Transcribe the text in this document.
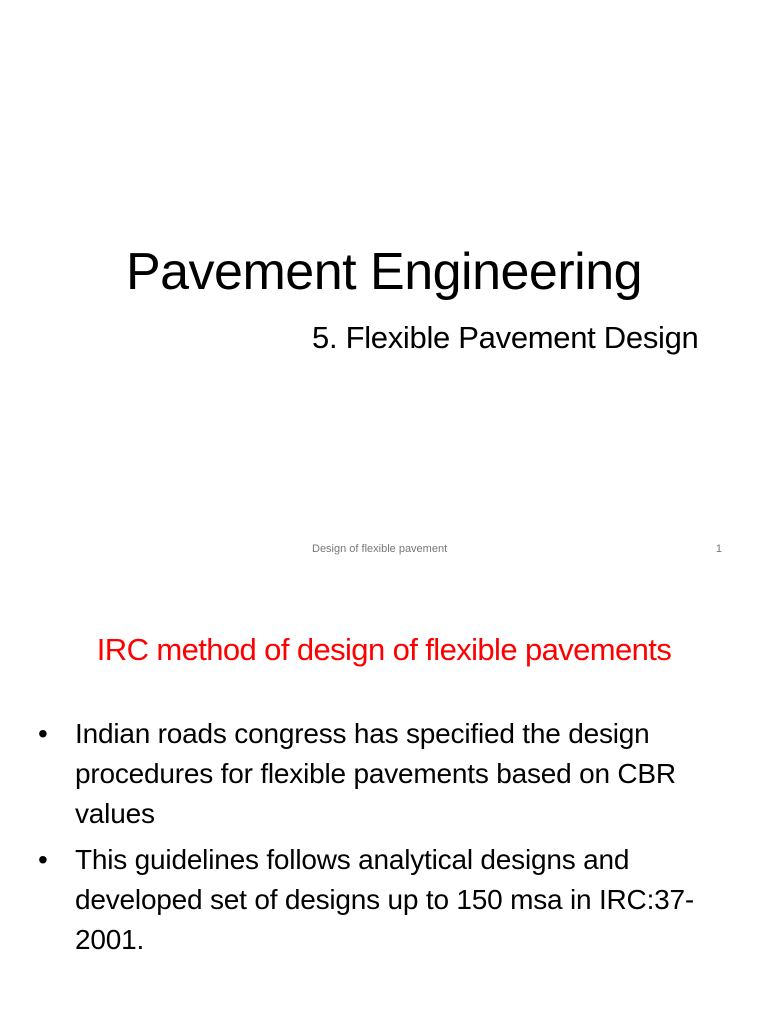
Pavement Engineering
5. Flexible Pavement Design
Design of flexible pavement	1
IRC method of design of flexible pavements
• Indian roads congress has specified the design procedures for flexible pavements based on CBR values
• This guidelines follows analytical designs and developed set of designs up to 150 msa in IRC:37-2001.
